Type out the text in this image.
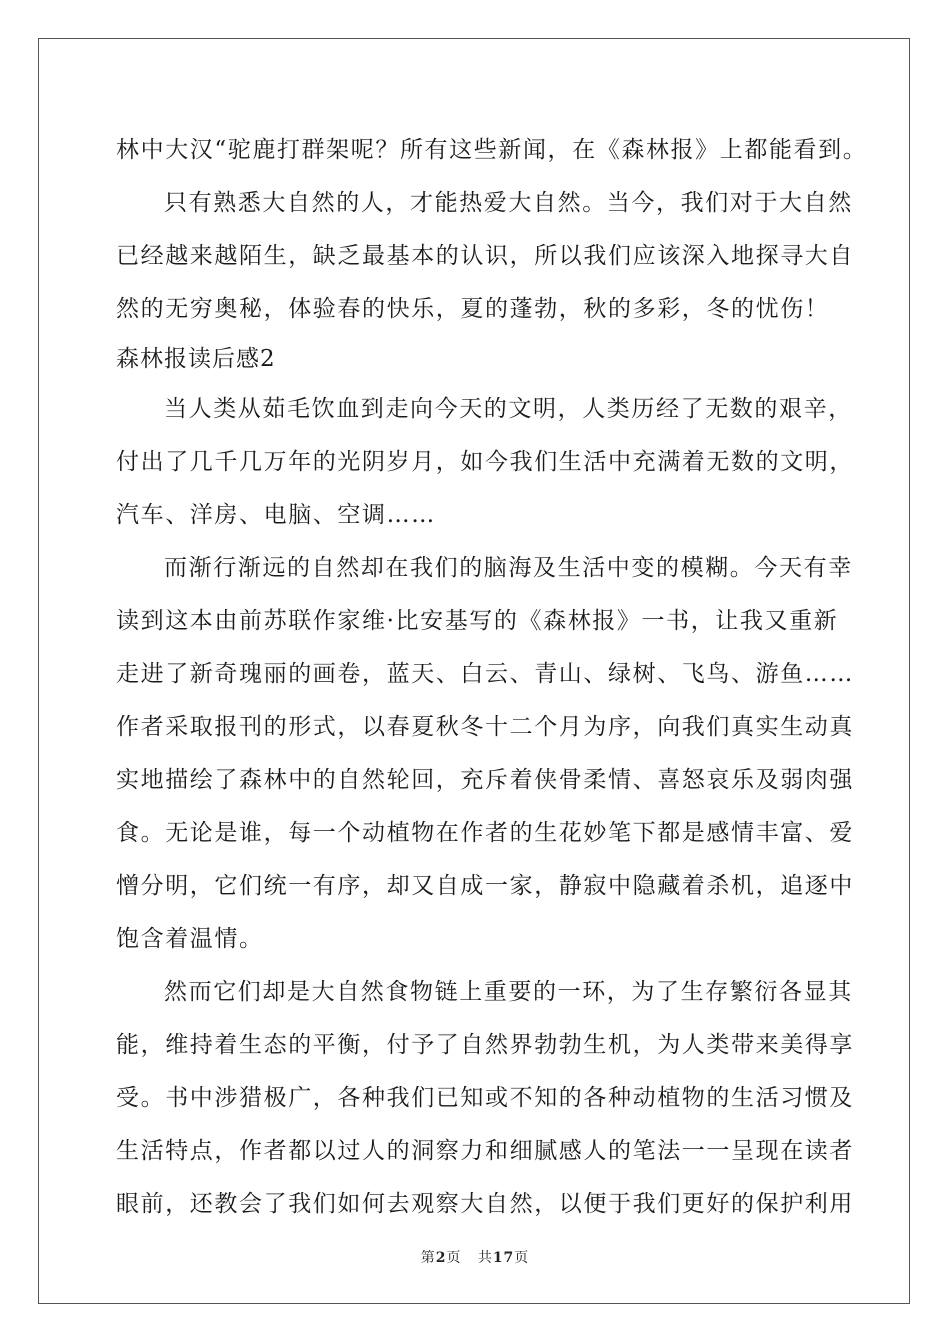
林中大汉“驼鹿打群架呢？所有这些新闻，在《森林报》上都能看到。
只有熟悉大自然的人，才能热爱大自然。当今，我们对于大自然
已经越来越陌生，缺乏最基本的认识，所以我们应该深入地探寻大自
然的无穷奥秘，体验春的快乐，夏的蓬勃，秋的多彩，冬的忧伤！
森林报读后感2
当人类从茹毛饮血到走向今天的文明，人类历经了无数的艰辛，
付出了几千几万年的光阴岁月，如今我们生活中充满着无数的文明，
汽车、洋房、电脑、空调……
而渐行渐远的自然却在我们的脑海及生活中变的模糊。今天有幸
读到这本由前苏联作家维·比安基写的《森林报》一书，让我又重新
走进了新奇瑰丽的画卷，蓝天、白云、青山、绿树、飞鸟、游鱼……
作者采取报刊的形式，以春夏秋冬十二个月为序，向我们真实生动真
实地描绘了森林中的自然轮回，充斥着侠骨柔情、喜怒哀乐及弱肉强
食。无论是谁，每一个动植物在作者的生花妙笔下都是感情丰富、爱
憎分明，它们统一有序，却又自成一家，静寂中隐藏着杀机，追逐中
饱含着温情。
然而它们却是大自然食物链上重要的一环，为了生存繁衍各显其
能，维持着生态的平衡，付予了自然界勃勃生机，为人类带来美得享
受。书中涉猎极广，各种我们已知或不知的各种动植物的生活习惯及
生活特点，作者都以过人的洞察力和细腻感人的笔法一一呈现在读者
眼前，还教会了我们如何去观察大自然，以便于我们更好的保护利用
第2页 共17页
